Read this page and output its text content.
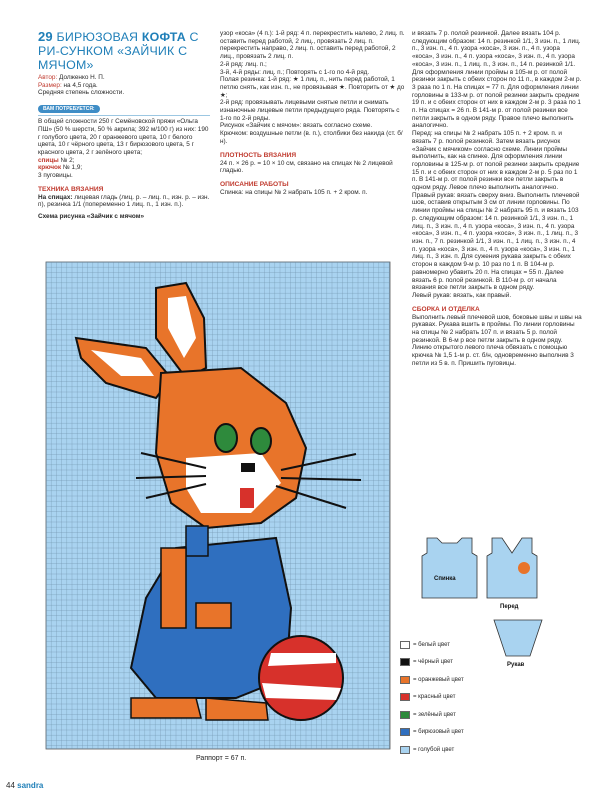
29 БИРЮЗОВАЯ КОФТА С РИ-СУНКОМ «ЗАЙЧИК С МЯЧОМ»

Автор: Долженко Н. П.

Размер: на 4,5 года.

Средняя степень сложности.

ВАМ ПОТРЕБУЕТСЯ:

В общей сложности 250 г Семёновской пряжи «Ольга ПШ» (50 % шерсти, 50 % акрила; 392 м/100 г) из них: 190 г голубого цвета, 20 г оранжевого цвета, 10 г белого цвета, 10 г чёрного цвета, 13 г бирюзового цвета, 5 г красного цвета, 2 г зелёного цвета;

спицы № 2;

крючок № 1,9;

3 пуговицы.

ТЕХНИКА ВЯЗАНИЯ

На спицах: лицевая гладь (лиц. р. – лиц. п., изн. р. – изн. п), резинка 1/1 (попеременно 1 лиц. п., 1 изн. п.).

Схема рисунка «Зайчик с мячом»

узор «коса» (4 п.): 1-й ряд: 4 п. перекрестить налево, 2 лиц. п. оставить перед работой, 2 лиц., провязать 2 лиц. п. перекрестить направо, 2 лиц. п. оставить перед работой, 2 лиц., провязать 2 лиц. п.

2-й ряд: лиц. п.;

3-й, 4-й ряды: лиц. п.; Повторять с 1-го по 4-й ряд.

Полая резинка: 1-й ряд: ★ 1 лиц. п., нить перед работой, 1 петлю снять, как изн. п., не провязывая ★. Повторить от ★ до ★;

2-й ряд: провязывать лицевыми снятые петли и снимать изнаночные лицевые петли предыдущего ряда. Повторять с 1-го по 2-й ряды.

Рисунок «Зайчик с мячом»: вязать согласно схеме.

Крючком: воздушные петли (в. п.), столбики без накида (ст. б/н).

ПЛОТНОСТЬ ВЯЗАНИЯ

24 п. × 26 р. = 10 × 10 см, связано на спицах № 2 лицевой гладью.

ОПИСАНИЕ РАБОТЫ

Спинка: на спицы № 2 набрать 105 п. + 2 кром. п.

и вязать 7 р. полой резинкой. Далее вязать 104 р. следующим образом: 14 п. резинкой 1/1, 3 изн. п., 1 лиц. п., 3 изн. п., 4 п. узора «коса», 3 изн. п., 4 п. узора «коса», 3 изн. п., 4 п. узора «коса», 3 изн. п., 4 п. узора «коса», 3 изн. п., 1 лиц. п., 3 изн. п., 14 п. резинкой 1/1. Для оформления линии проймы в 105-м р. от полой резинки закрыть с обеих сторон по 11 п., в каждом 2-м р. 3 раза по 1 п. На спицах = 77 п. Для оформления линии горловины в 133-м р. от полой резинки закрыть средние 19 п. и с обеих сторон от них в каждом 2-м р. 3 раза по 1 п. На спицах = 26 п. В 141-м р. от полой резинки все петли закрыть в одном ряду. Правое плечо выполнить аналогично.

Перед: на спицы № 2 набрать 105 п. + 2 кром. п. и вязать 7 р. полой резинкой. Затем вязать рисунок «Зайчик с мячиком» согласно схеме. Линии проймы выполнить, как на спинке. Для оформления линии горловины в 125-м р. от полой резинки закрыть средние 15 п. и с обеих сторон от них в каждом 2-м р. 5 раз по 1 п. В 141-м р. от полой резинки все петли закрыть в одном ряду. Левое плечо выполнить аналогично.

Правый рукав: вязать сверху вниз. Выполнить плечевой шов, оставив открытым 3 см от линии горловины. По линии проймы на спицы № 2 набрать 95 п. и вязать 103 р. следующим образом: 14 п. резинкой 1/1, 3 изн. п., 1 лиц. п., 3 изн. п., 4 п. узора «коса», 3 изн. п., 4 п. узора «коса», 3 изн. п., 4 п. узора «коса», 3 изн. п., 1 лиц. п., 3 изн. п., 7 п. резинкой 1/1, 3 изн. п., 1 лиц. п., 3 изн. п., 4 п. узора «коса», 3 изн. п., 4 п. узора «коса», 3 изн. п., 1 лиц. п., 3 изн. п. Для сужения рукава закрыть с обеих сторон в каждом 9-м р. 10 раз по 1 п. В 104-м р. равномерно убавить 20 п. На спицах = 55 п. Далее вязать 6 р. полой резинкой. В 110-м р. от начала вязания все петли закрыть в одном ряду.

Левый рукав: вязать, как правый.

СБОРКА И ОТДЕЛКА

Выполнить левый плечевой шов, боковые швы и швы на рукавах. Рукава вшить в проймы. По линии горловины на спицы № 2 набрать 107 п. и вязать 5 р. полой резинкой. В 6-м р все петли закрыть в одном ряду. Линию открытого левого плеча обвязать с помощью крючка № 1,5 1-м р. ст. б/н, одновременно выполнив 3 петли из 5 в. п. Пришить пуговицы.

Раппорт = 67 п.
Спинка
Перед
Рукав
= белый цвет
= чёрный цвет
= оранжевый цвет
= красный цвет
= зелёный цвет
= бирюзовый цвет
= голубой цвет
44 sandra
